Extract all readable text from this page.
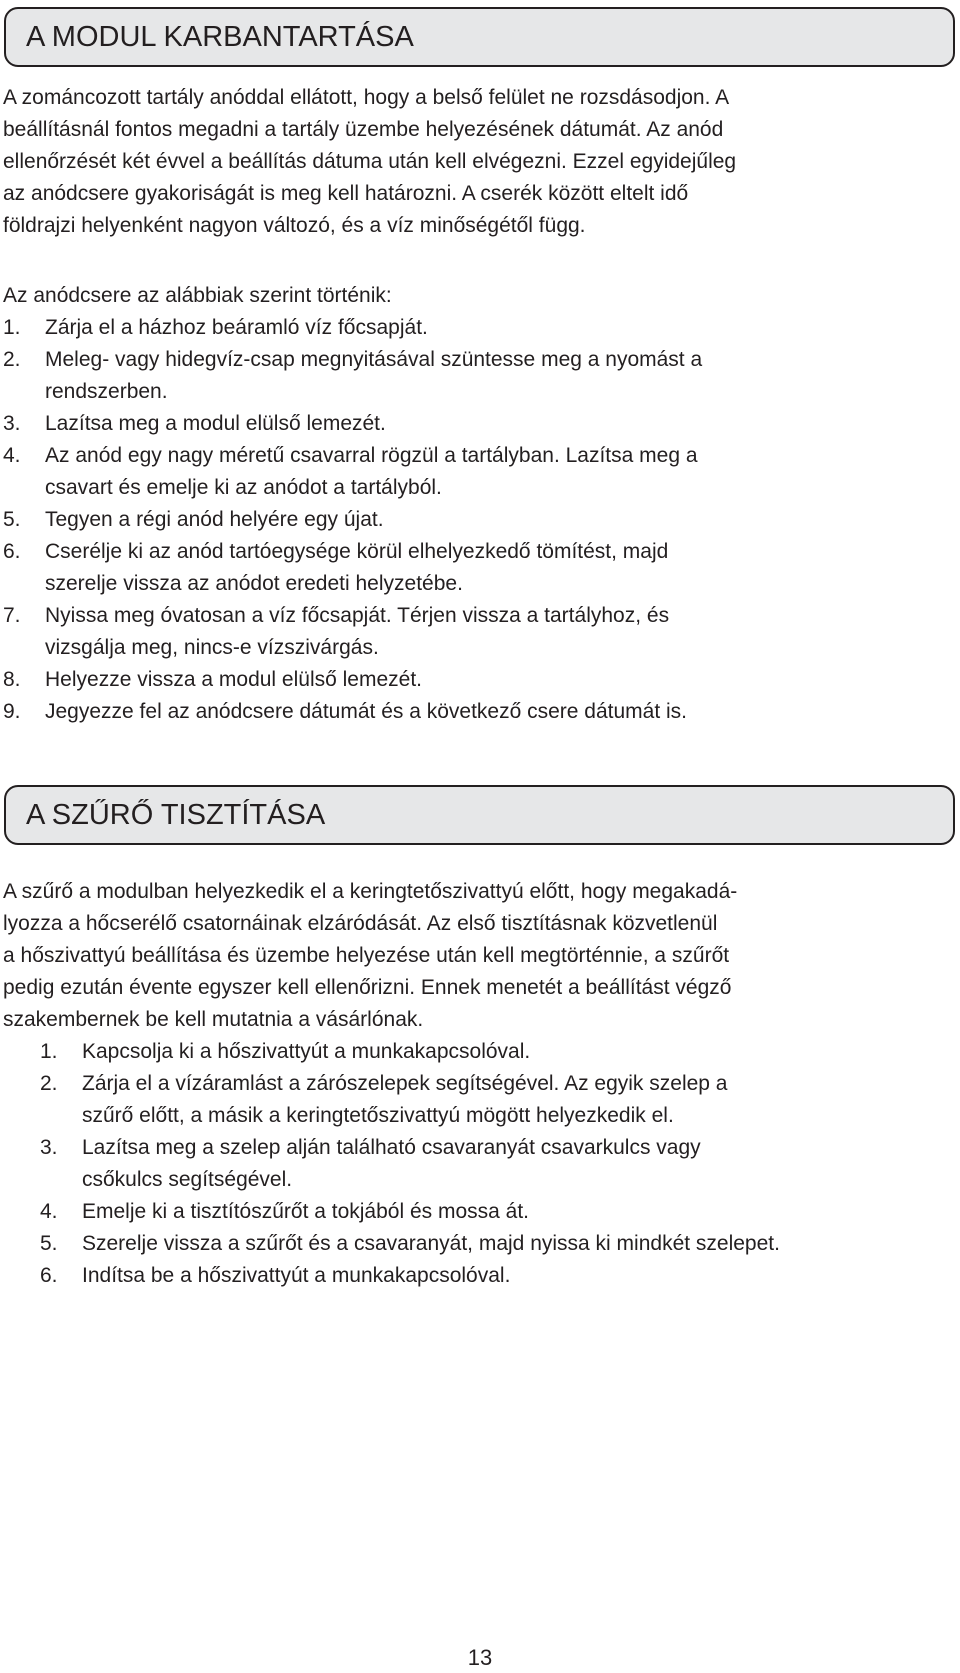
A MODUL KARBANTARTÁSA

A zománcozott tartály anóddal ellátott, hogy a belső felület ne rozsdásodjon. A
beállításnál fontos megadni a tartály üzembe helyezésének dátumát. Az anód
ellenőrzését két évvel a beállítás dátuma után kell elvégezni. Ezzel egyidejűleg
az anódcsere gyakoriságát is meg kell határozni. A cserék között eltelt idő
földrajzi helyenként nagyon változó, és a víz minőségétől függ.

Az anódcsere az alábbiak szerint történik:

1. Zárja el a házhoz beáramló víz főcsapját.
2. Meleg- vagy hidegvíz-csap megnyitásával szüntesse meg a nyomást a
rendszerben.
3. Lazítsa meg a modul elülső lemezét.
4. Az anód egy nagy méretű csavarral rögzül a tartályban. Lazítsa meg a
csavart és emelje ki az anódot a tartályból.
5. Tegyen a régi anód helyére egy újat.
6. Cserélje ki az anód tartóegysége körül elhelyezkedő tömítést, majd
szerelje vissza az anódot eredeti helyzetébe.
7. Nyissa meg óvatosan a víz főcsapját. Térjen vissza a tartályhoz, és
vizsgálja meg, nincs-e vízszivárgás.
8. Helyezze vissza a modul elülső lemezét.
9. Jegyezze fel az anódcsere dátumát és a következő csere dátumát is.
A SZŰRŐ TISZTÍTÁSA

A szűrő a modulban helyezkedik el a keringtetőszivattyú előtt, hogy megakadá-
lyozza a hőcserélő csatornáinak elzáródását. Az első tisztításnak közvetlenül
a hőszivattyú beállítása és üzembe helyezése után kell megtörténnie, a szűrőt
pedig ezután évente egyszer kell ellenőrizni. Ennek menetét a beállítást végző
szakembernek be kell mutatnia a vásárlónak.

1. Kapcsolja ki a hőszivattyút a munkakapcsolóval.
2. Zárja el a vízáramlást a zárószelepek segítségével. Az egyik szelep a
szűrő előtt, a másik a keringtetőszivattyú mögött helyezkedik el.
3. Lazítsa meg a szelep alján található csavaranyát csavarkulcs vagy
csőkulcs segítségével.
4. Emelje ki a tisztítószűrőt a tokjából és mossa át.
5. Szerelje vissza a szűrőt és a csavaranyát, majd nyissa ki mindkét szelepet.
6. Indítsa be a hőszivattyút a munkakapcsolóval.
13
